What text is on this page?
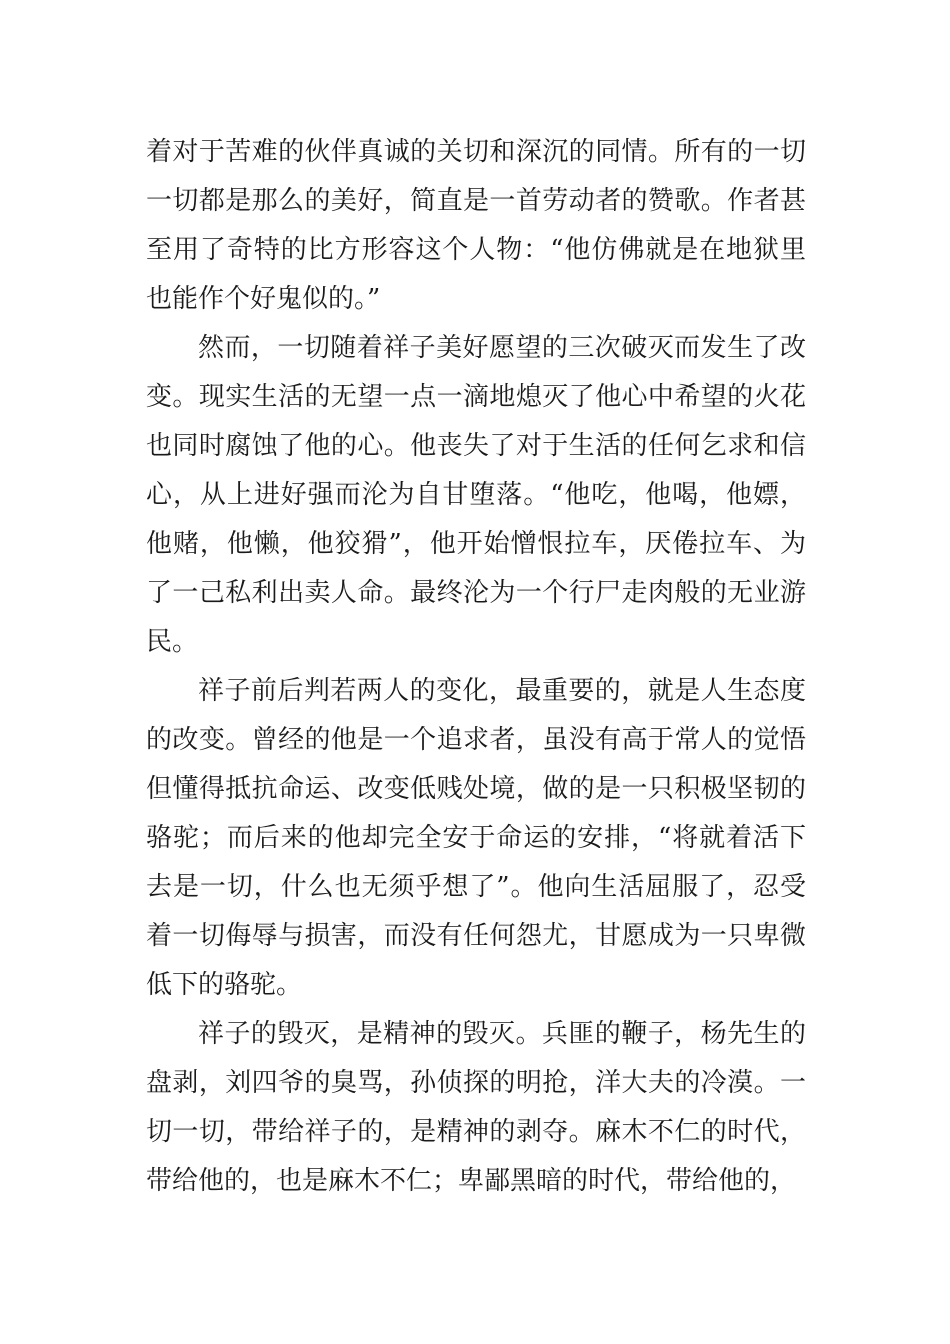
着对于苦难的伙伴真诚的关切和深沉的同情。所有的一切一切都是那么的美好，简直是一首劳动者的赞歌。作者甚至用了奇特的比方形容这个人物：“他仿佛就是在地狱里也能作个好鬼似的。”

然而，一切随着祥子美好愿望的三次破灭而发生了改变。现实生活的无望一点一滴地熄灭了他心中希望的火花也同时腐蚀了他的心。他丧失了对于生活的任何乞求和信心，从上进好强而沦为自甘堕落。“他吃，他喝，他嫖，他赌，他懒，他狡猾”，他开始憎恨拉车，厌倦拉车、为了一己私利出卖人命。最终沦为一个行尸走肉般的无业游民。

祥子前后判若两人的变化，最重要的，就是人生态度的改变。曾经的他是一个追求者，虽没有高于常人的觉悟但懂得抵抗命运、改变低贱处境，做的是一只积极坚韧的骆驼；而后来的他却完全安于命运的安排，“将就着活下去是一切，什么也无须乎想了”。他向生活屈服了，忍受着一切侮辱与损害，而没有任何怨尤，甘愿成为一只卑微低下的骆驼。

祥子的毁灭，是精神的毁灭。兵匪的鞭子，杨先生的盘剥，刘四爷的臭骂，孙侦探的明抢，洋大夫的冷漠。一切一切，带给祥子的，是精神的剥夺。麻木不仁的时代，带给他的，也是麻木不仁；卑鄙黑暗的时代，带给他的，
